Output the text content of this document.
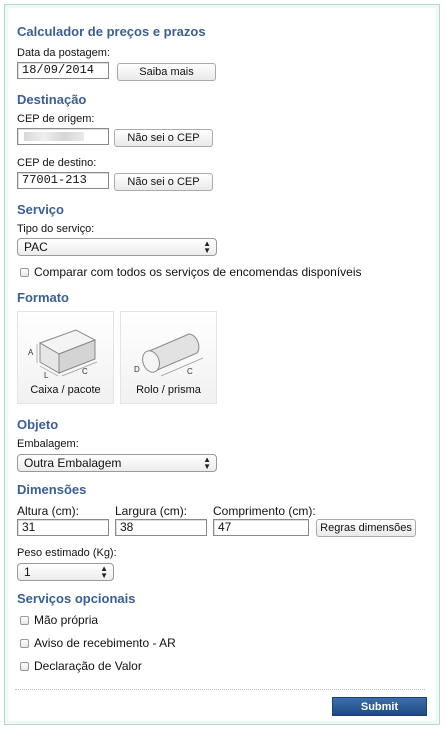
Calculador de preços e prazos
Data da postagem:
18/09/2014	Saiba mais
Destinação
CEP de origem:
Não sei o CEP
CEP de destino:
77001-213	Não sei o CEP
Serviço
Tipo do serviço:
PAC	▲
▼
Comparar com todos os serviços de encomendas disponíveis
Formato
A
L	C
Caixa / pacote
D	C
Rolo / prisma
Objeto
Embalagem:
Outra Embalagem	▲
▼
Dimensões
Altura (cm):
31
Largura (cm):
38
Comprimento (cm):
47	Regras dimensões
Peso estimado (Kg):
1	▲
▼
Serviços opcionais
Mão própria
Aviso de recebimento - AR
Declaração de Valor
Submit
